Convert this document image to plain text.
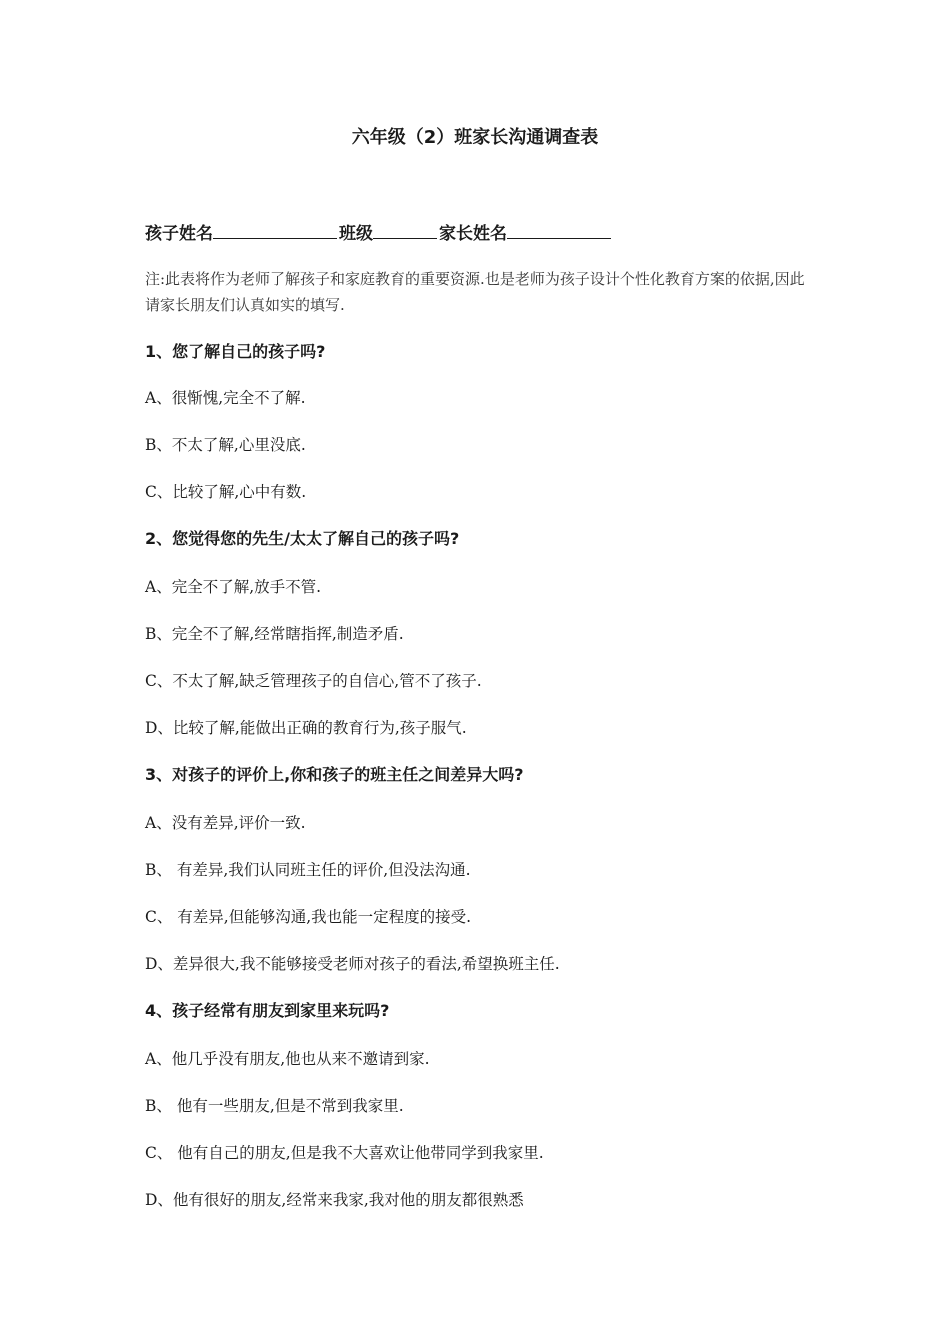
六年级（2）班家长沟通调查表
孩子姓名	班级	家长姓名
注:此表将作为老师了解孩子和家庭教育的重要资源.也是老师为孩子设计个性化教育方案的依据,因此请家长朋友们认真如实的填写.
1、您了解自己的孩子吗?
A、很惭愧,完全不了解.
B、不太了解,心里没底.
C、比较了解,心中有数.
2、您觉得您的先生/太太了解自己的孩子吗?
A、完全不了解,放手不管.
B、完全不了解,经常瞎指挥,制造矛盾.
C、不太了解,缺乏管理孩子的自信心,管不了孩子.
D、比较了解,能做出正确的教育行为,孩子服气.
3、对孩子的评价上,你和孩子的班主任之间差异大吗?
A、没有差异,评价一致.
B、 有差异,我们认同班主任的评价,但没法沟通.
C、 有差异,但能够沟通,我也能一定程度的接受.
D、差异很大,我不能够接受老师对孩子的看法,希望换班主任.
4、孩子经常有朋友到家里来玩吗?
A、他几乎没有朋友,他也从来不邀请到家.
B、 他有一些朋友,但是不常到我家里.
C、 他有自己的朋友,但是我不大喜欢让他带同学到我家里.
D、他有很好的朋友,经常来我家,我对他的朋友都很熟悉
